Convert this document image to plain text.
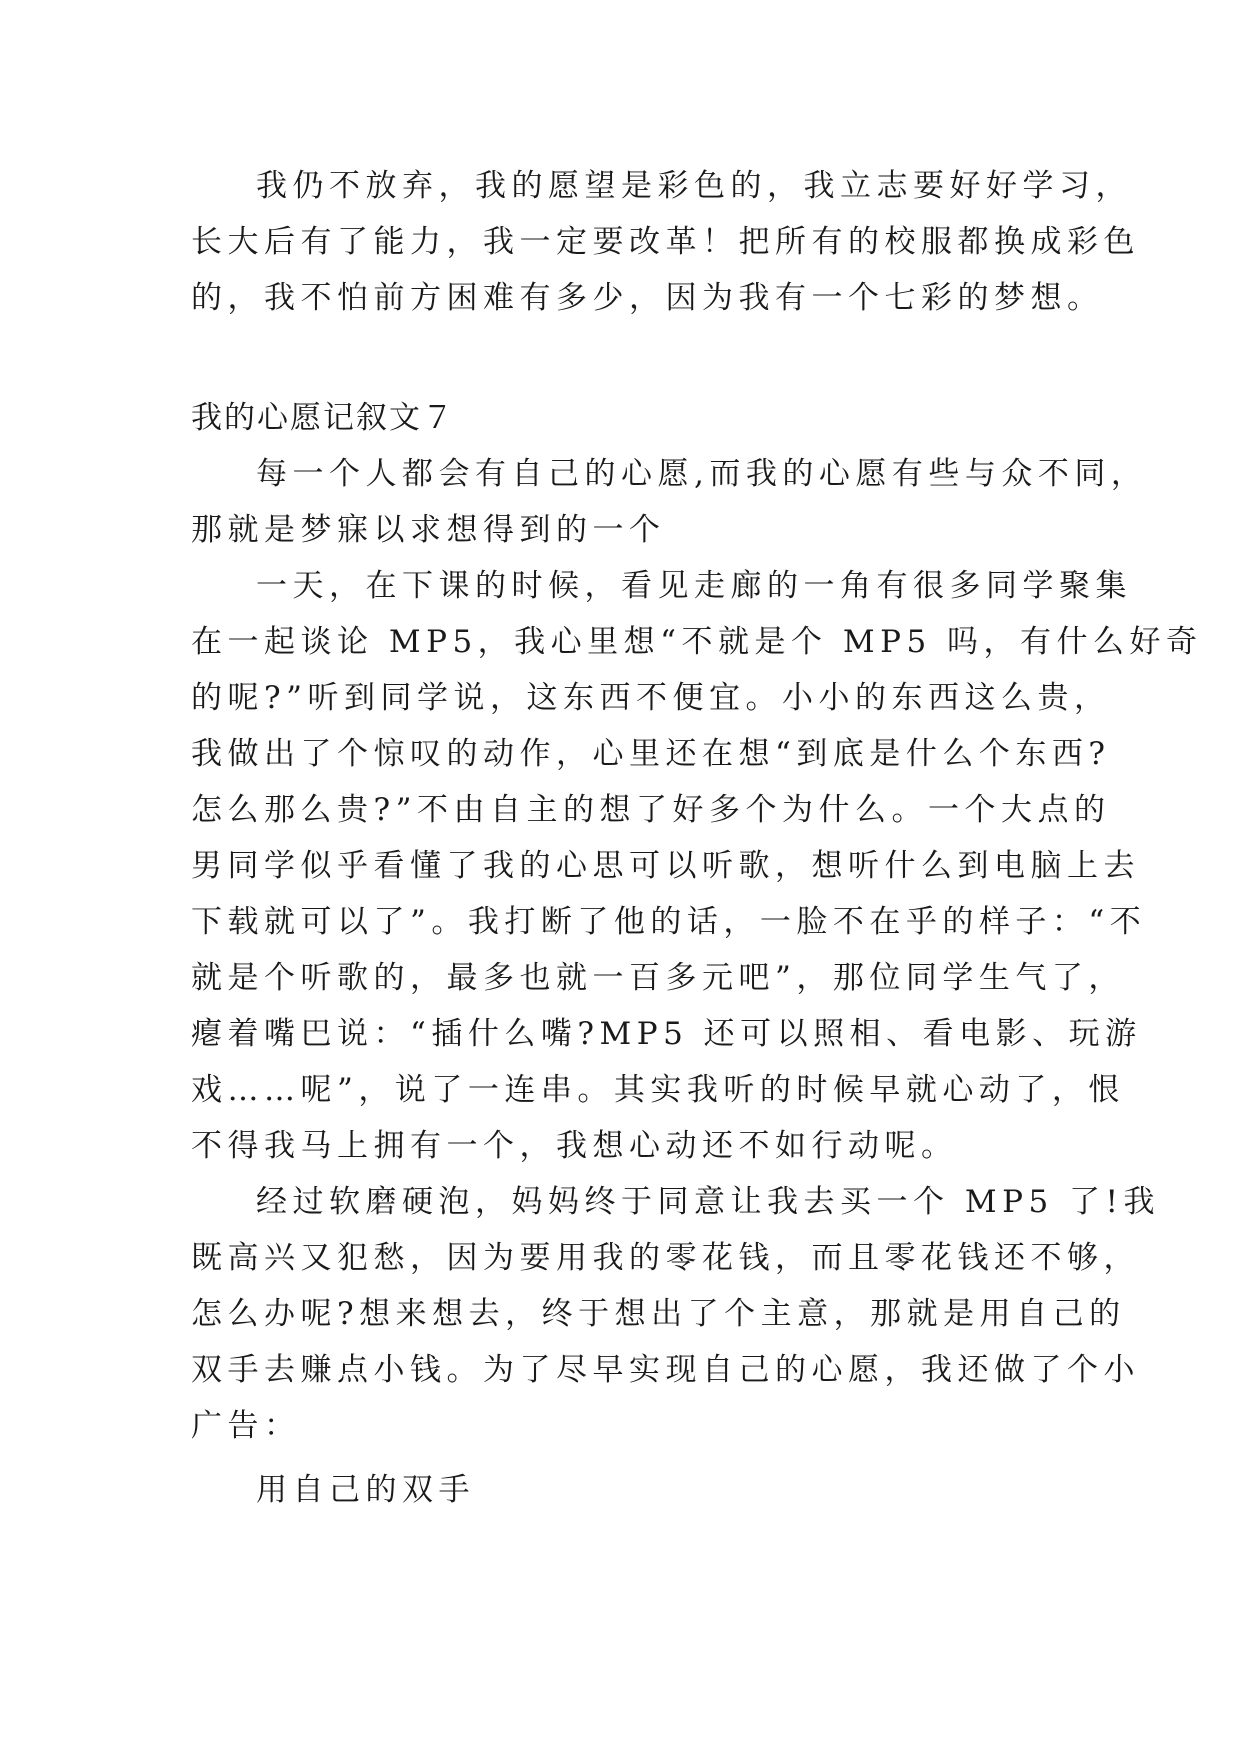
我仍不放弃，我的愿望是彩色的，我立志要好好学习，

长大后有了能力，我一定要改革！把所有的校服都换成彩色

的，我不怕前方困难有多少，因为我有一个七彩的梦想。

我的心愿记叙文７

每一个人都会有自己的心愿,而我的心愿有些与众不同，

那就是梦寐以求想得到的一个

一天，在下课的时候，看见走廊的一角有很多同学聚集

在一起谈论 MP5，我心里想“不就是个 MP5 吗，有什么好奇

的呢?”听到同学说，这东西不便宜。小小的东西这么贵，

我做出了个惊叹的动作，心里还在想“到底是什么个东西?

怎么那么贵?”不由自主的想了好多个为什么。一个大点的

男同学似乎看懂了我的心思可以听歌，想听什么到电脑上去

下载就可以了”。我打断了他的话，一脸不在乎的样子：“不

就是个听歌的，最多也就一百多元吧”，那位同学生气了，

瘪着嘴巴说：“插什么嘴?MP5 还可以照相、看电影、玩游

戏……呢”，说了一连串。其实我听的时候早就心动了，恨

不得我马上拥有一个，我想心动还不如行动呢。

经过软磨硬泡，妈妈终于同意让我去买一个 MP5 了!我

既高兴又犯愁，因为要用我的零花钱，而且零花钱还不够，

怎么办呢?想来想去，终于想出了个主意，那就是用自己的

双手去赚点小钱。为了尽早实现自己的心愿，我还做了个小

广告：

用自己的双手
